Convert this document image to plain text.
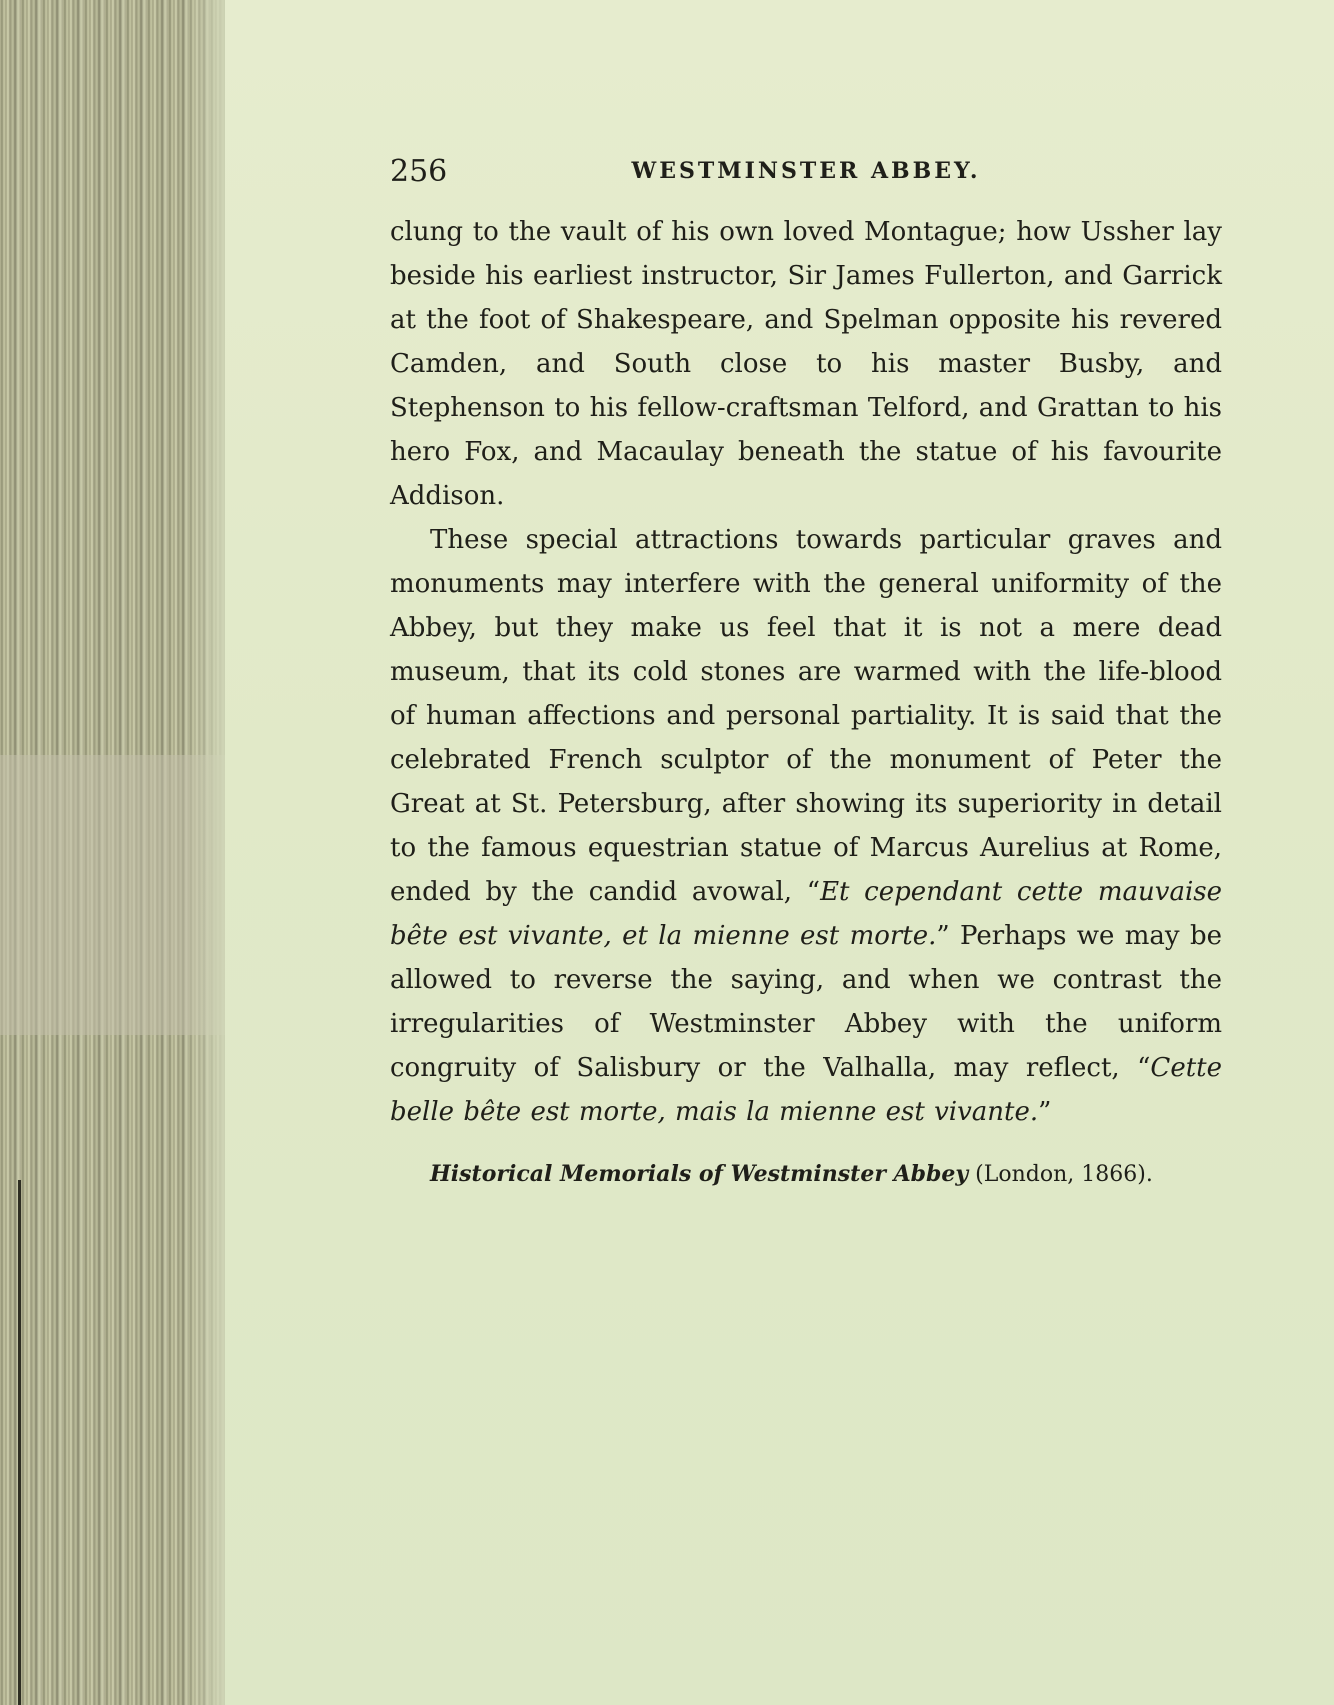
256	WESTMINSTER ABBEY.

clung to the vault of his own loved Montague; how Ussher lay beside his earliest instructor, Sir James Fullerton, and Garrick at the foot of Shakespeare, and Spelman opposite his revered Camden, and South close to his master Busby, and Stephenson to his fellow-craftsman Telford, and Grattan to his hero Fox, and Macaulay beneath the statue of his favourite Addison.

These special attractions towards particular graves and monuments may interfere with the general uniformity of the Abbey, but they make us feel that it is not a mere dead museum, that its cold stones are warmed with the life-blood of human affections and personal partiality. It is said that the celebrated French sculptor of the monument of Peter the Great at St. Petersburg, after showing its superiority in detail to the famous equestrian statue of Marcus Aurelius at Rome, ended by the candid avowal, “Et cependant cette mauvaise bête est vivante, et la mienne est morte.” Perhaps we may be allowed to reverse the saying, and when we contrast the irregularities of Westminster Abbey with the uniform congruity of Salisbury or the Valhalla, may reflect, “Cette belle bête est morte, mais la mienne est vivante.”

Historical Memorials of Westminster Abbey (London, 1866).
